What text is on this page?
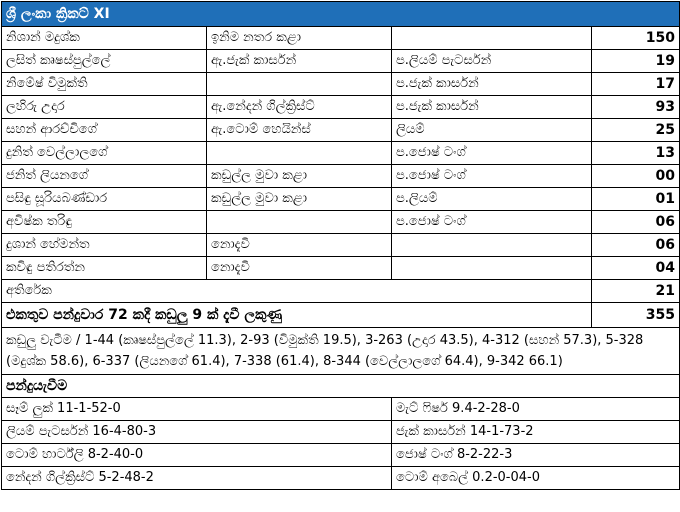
ශ්‍රී ලංකා ක්‍රිකට් XI			
නිශාන් මදුශ්ක	ඉනිම නතර කළා		150
ලසිත් කෘෂස්පුල්ලේ	ඇ.ජැක් කාර්සන්	ප.ලියම් පැටර්සන්	19
නිමේෂ් විමුක්ති		ප.ජැක් කාර්සන්	17
ලහිරු උදාර	ඇ.නේදන් ගිල්ක්‍රිස්ට්	ප.ජැක් කාර්සන්	93
සහන් ආරච්චිගේ	ඇ.ටොම් හෙයින්ස්	ලියම්	25
දුනිත් වෙල්ලාලගේ		ප.ජොෂ් ටංග්	13
ජනිත් ලියනගේ	කඩුල්ල මුවා කළා	ප.ජොෂ් ටංග්	00
පසිඳු සූරියබණ්ඩාර	කඩුල්ල මුවා කළා	ප.ලියම්	01
අවිෂ්ක තරිඳු		ප.ජොෂ් ටංග්	06
දුශාන් හේමන්ත	නොදැවී		06
කවිඳු පතිරත්න	නොදැවී		04
අතිරේක			21
එකතුව පන්දුවාර 72 කදී කඩුලු 9 ක් දැවී ලකුණු			355
කඩුලු වැටීම / 1-44 (කෘෂස්පුල්ලේ 11.3), 2-93 (විමුක්ති 19.5), 3-263 (උදාර 43.5), 4-312 (සහන් 57.3), 5-328 (මදුශ්ක 58.6), 6-337 (ලියනගේ 61.4), 7-338 (61.4), 8-344 (වෙල්ලාලගේ 64.4), 9-342 66.1)			
පන්දුයැවීම			
සෑම් ලුක් 11-1-52-0		මැට් ෆිෂර් 9.4-2-28-0	
ලියම් පැටර්සන් 16-4-80-3		ජැක් කාර්සන් 14-1-73-2	
ටොම් හාර්ට්ලි 8-2-40-0		ජොෂ් ටංග් 8-2-22-3	
නේදන් ගිල්ක්‍රිස්ට් 5-2-48-2		ටොම් අබෙල් 0.2-0-04-0	
